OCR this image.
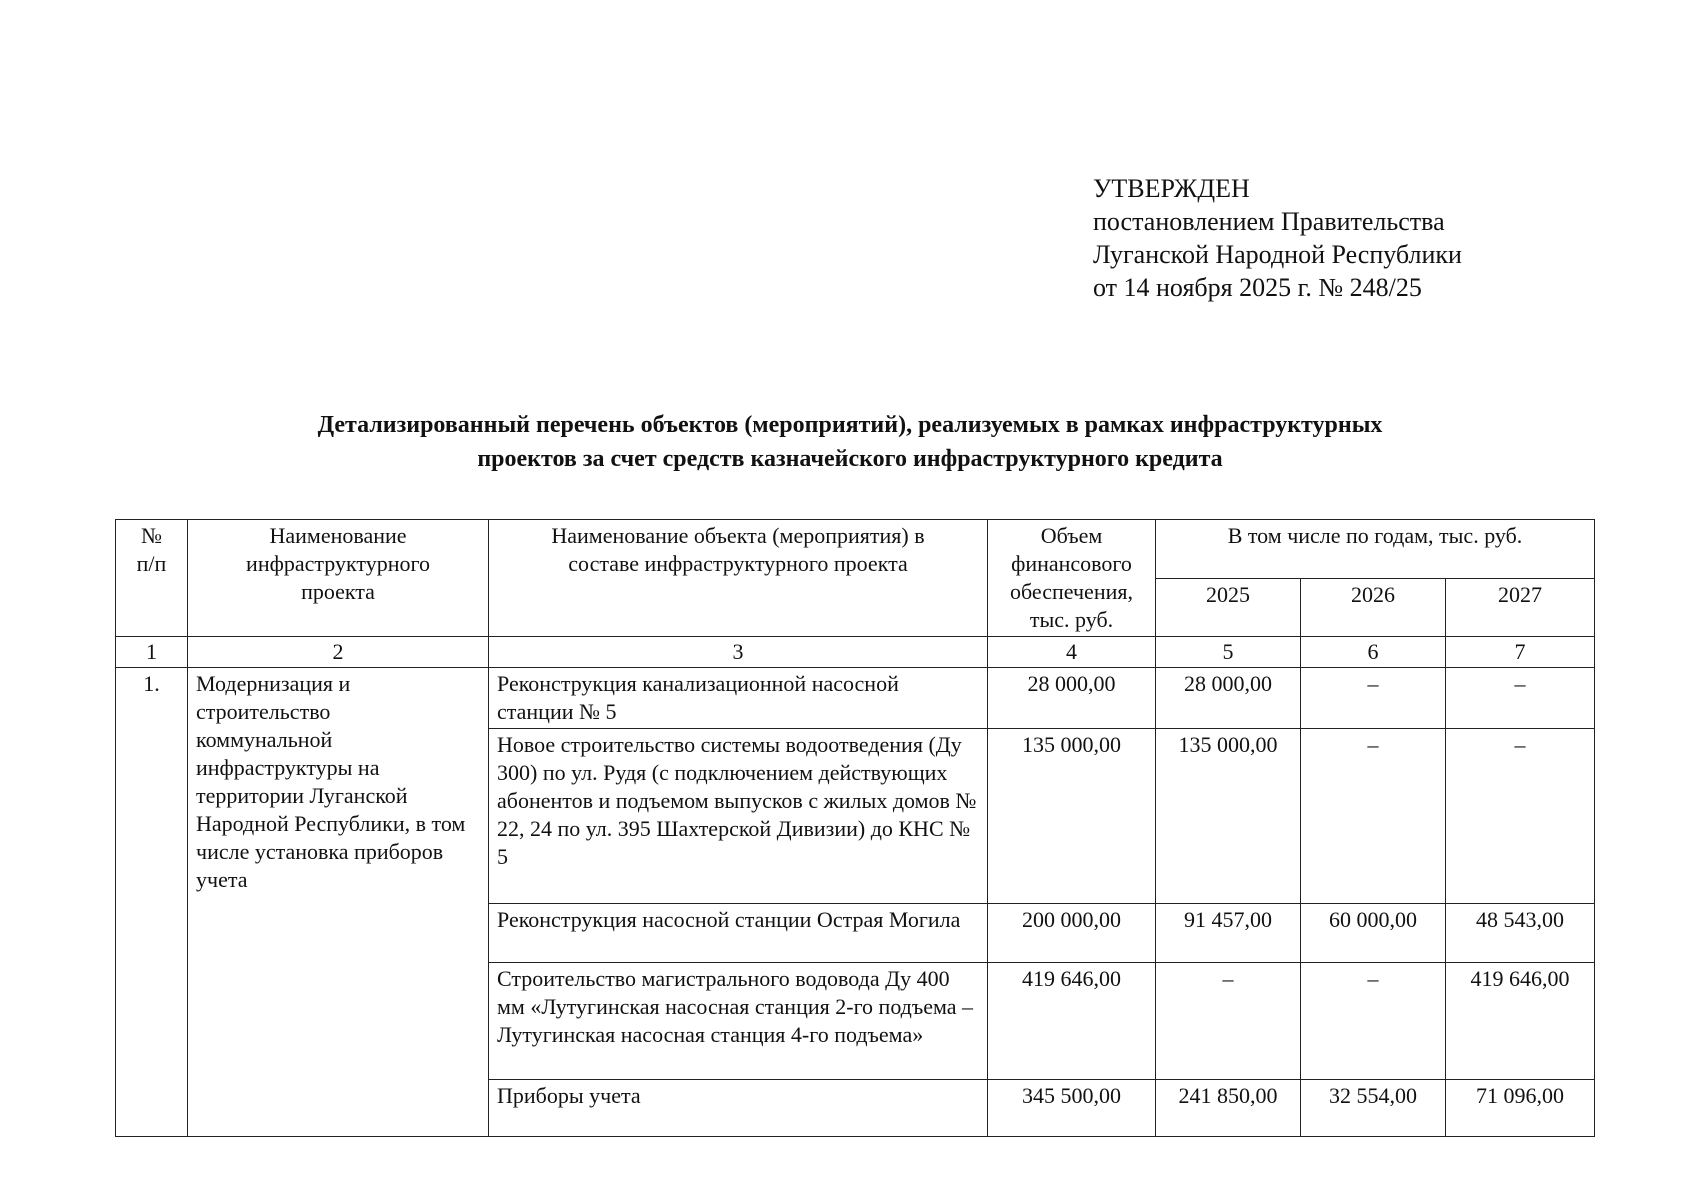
УТВЕРЖДЕН
постановлением Правительства
Луганской Народной Республики
от 14 ноября 2025 г. № 248/25
Детализированный перечень объектов (мероприятий), реализуемых в рамках инфраструктурных
проектов за счет средств казначейского инфраструктурного кредита
№ п/п	Наименование инфраструктурного проекта	Наименование объекта (мероприятия) в составе инфраструктурного проекта	Объем финансового обеспечения, тыс. руб.	В том числе по годам, тыс. руб.		
				2025	2026	2027
1	2	3	4	5	6	7
1.	Модернизация и строительство коммунальной инфраструктуры на территории Луганской Народной Республики, в том числе установка приборов учета	Реконструкция канализационной насосной станции № 5	28 000,00	28 000,00	–	–
		Новое строительство системы водоотведения (Ду 300) по ул. Рудя (с подключением действующих абонентов и подъемом выпусков с жилых домов № 22, 24 по ул. 395 Шахтерской Дивизии) до КНС № 5	135 000,00	135 000,00	–	–
		Реконструкция насосной станции Острая Могила	200 000,00	91 457,00	60 000,00	48 543,00
		Строительство магистрального водовода Ду 400 мм «Лутугинская насосная станция 2-го подъема – Лутугинская насосная станция 4-го подъема»	419 646,00	–	–	419 646,00
		Приборы учета	345 500,00	241 850,00	32 554,00	71 096,00
